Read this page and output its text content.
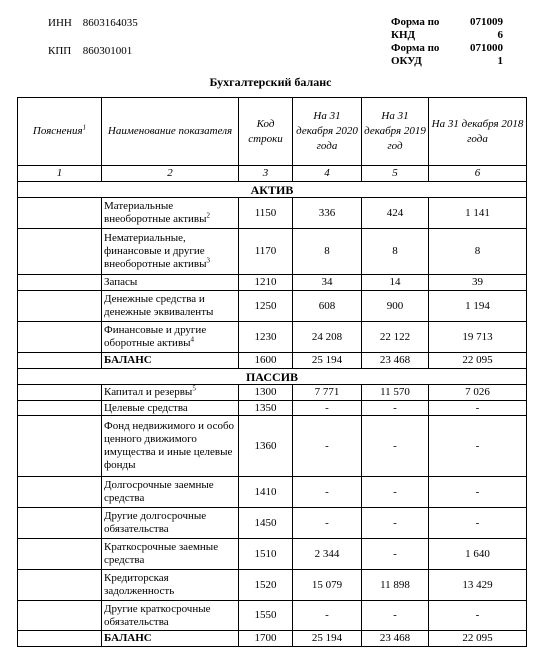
ИНН 8603164035
КПП 860301001
Форма по	071009
КНД	6
Форма по	071000
ОКУД	1
Бухгалтерский баланс
Пояснения$^1$	Наименование показателя	Код строки	На 31 декабря 2020 года	На 31 декабря 2019 год	На 31 декабря 2018 года
1	2	3	4	5	6
АКТИВ					
	Материальные внеоборотные активы$^2$	1150	336	424	1 141
	Нематериальные, финансовые и другие внеоборотные активы$^3$	1170	8	8	8
	Запасы	1210	34	14	39
	Денежные средства и денежные эквиваленты	1250	608	900	1 194
	Финансовые и другие оборотные активы$^4$	1230	24 208	22 122	19 713
	БАЛАНС	1600	25 194	23 468	22 095
ПАССИВ					
	Капитал и резервы$^5$	1300	7 771	11 570	7 026
	Целевые средства	1350	-	-	-
	Фонд недвижимого и особо ценного движимого имущества и иные целевые фонды	1360	-	-	-
	Долгосрочные заемные средства	1410	-	-	-
	Другие долгосрочные обязательства	1450	-	-	-
	Краткосрочные заемные средства	1510	2 344	-	1 640
	Кредиторская задолженность	1520	15 079	11 898	13 429
	Другие краткосрочные обязательства	1550	-	-	-
	БАЛАНС	1700	25 194	23 468	22 095
